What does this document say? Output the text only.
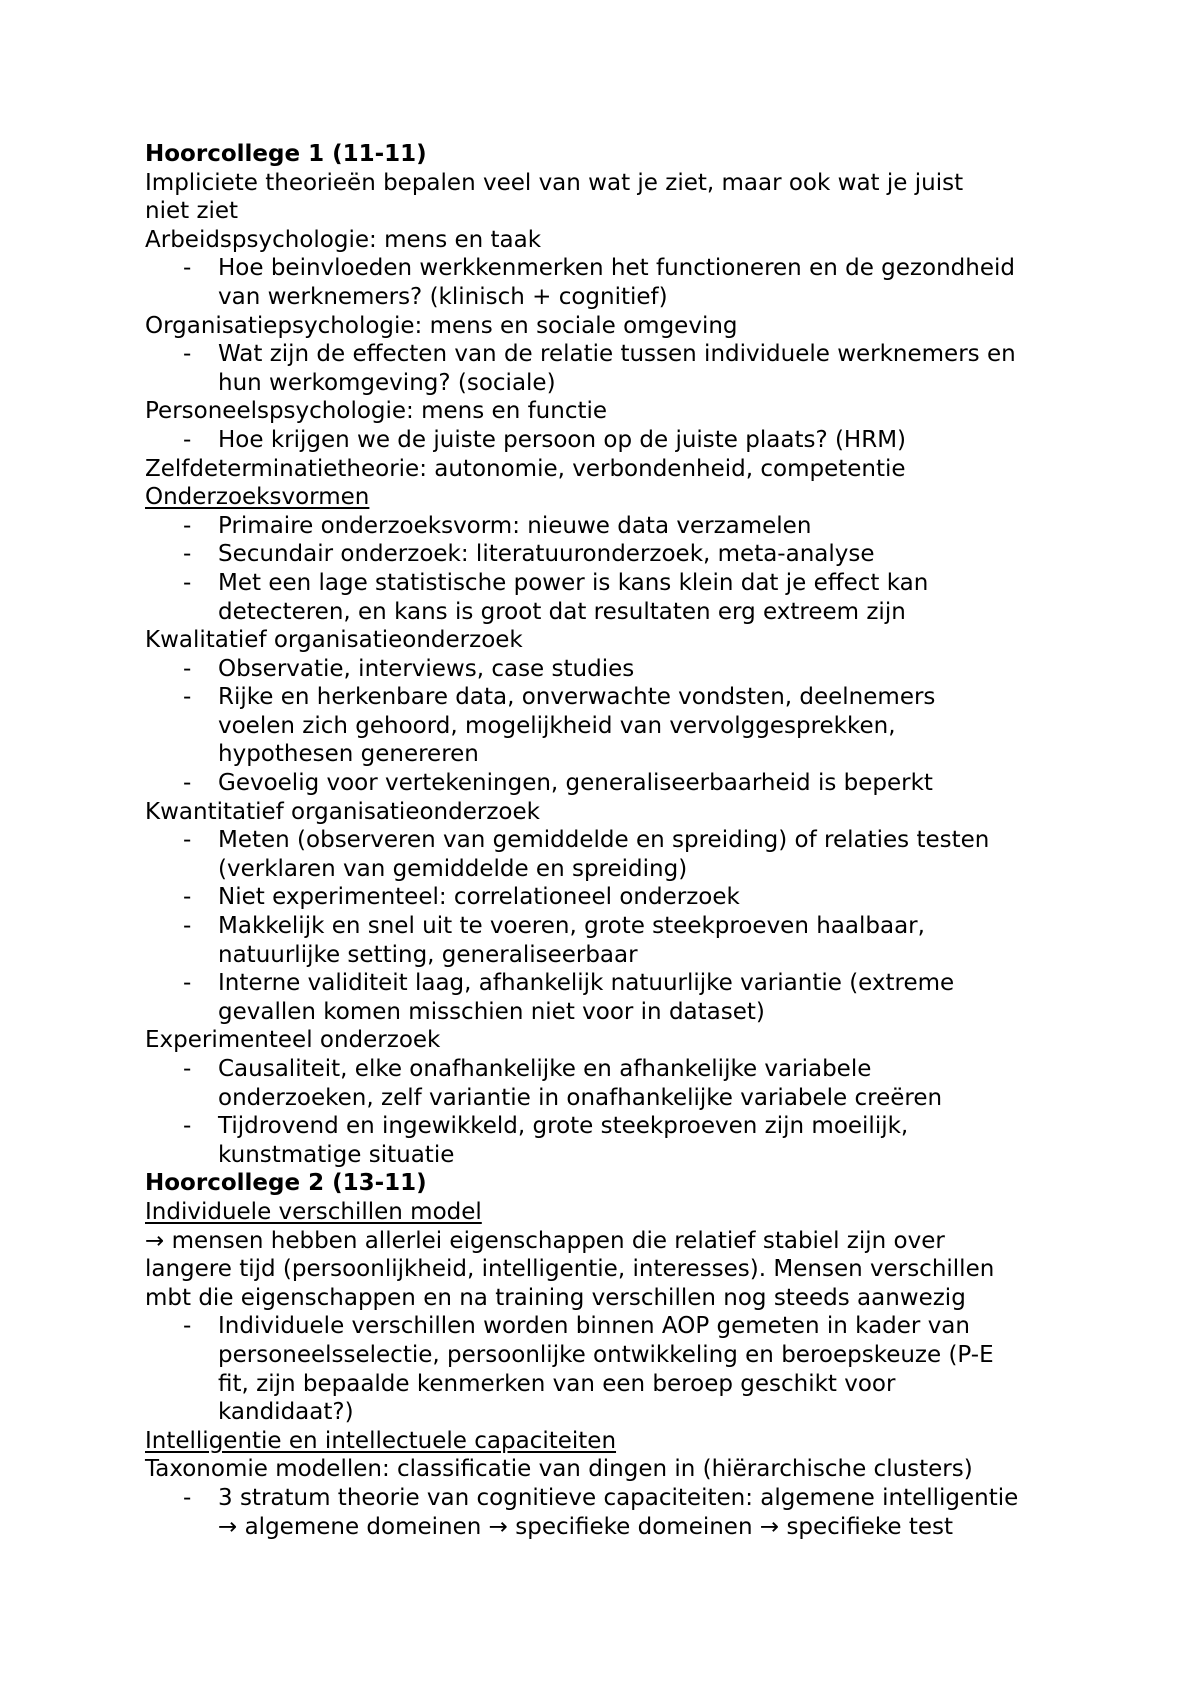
Hoorcollege 1 (11-11)
Impliciete theorieën bepalen veel van wat je ziet, maar ook wat je juist
niet ziet
Arbeidspsychologie: mens en taak
- Hoe beinvloeden werkkenmerken het functioneren en de gezondheid
van werknemers? (klinisch + cognitief)
Organisatiepsychologie: mens en sociale omgeving
- Wat zijn de effecten van de relatie tussen individuele werknemers en
hun werkomgeving? (sociale)
Personeelspsychologie: mens en functie
- Hoe krijgen we de juiste persoon op de juiste plaats? (HRM)
Zelfdeterminatietheorie: autonomie, verbondenheid, competentie
Onderzoeksvormen
- Primaire onderzoeksvorm: nieuwe data verzamelen
- Secundair onderzoek: literatuuronderzoek, meta-analyse
- Met een lage statistische power is kans klein dat je effect kan
detecteren, en kans is groot dat resultaten erg extreem zijn
Kwalitatief organisatieonderzoek
- Observatie, interviews, case studies
- Rijke en herkenbare data, onverwachte vondsten, deelnemers
voelen zich gehoord, mogelijkheid van vervolggesprekken,
hypothesen genereren
- Gevoelig voor vertekeningen, generaliseerbaarheid is beperkt
Kwantitatief organisatieonderzoek
- Meten (observeren van gemiddelde en spreiding) of relaties testen
(verklaren van gemiddelde en spreiding)
- Niet experimenteel: correlationeel onderzoek
- Makkelijk en snel uit te voeren, grote steekproeven haalbaar,
natuurlijke setting, generaliseerbaar
- Interne validiteit laag, afhankelijk natuurlijke variantie (extreme
gevallen komen misschien niet voor in dataset)
Experimenteel onderzoek
- Causaliteit, elke onafhankelijke en afhankelijke variabele
onderzoeken, zelf variantie in onafhankelijke variabele creëren
- Tijdrovend en ingewikkeld, grote steekproeven zijn moeilijk,
kunstmatige situatie
Hoorcollege 2 (13-11)
Individuele verschillen model
→ mensen hebben allerlei eigenschappen die relatief stabiel zijn over
langere tijd (persoonlijkheid, intelligentie, interesses). Mensen verschillen
mbt die eigenschappen en na training verschillen nog steeds aanwezig
- Individuele verschillen worden binnen AOP gemeten in kader van
personeelsselectie, persoonlijke ontwikkeling en beroepskeuze (P-E
fit, zijn bepaalde kenmerken van een beroep geschikt voor
kandidaat?)
Intelligentie en intellectuele capaciteiten
Taxonomie modellen: classificatie van dingen in (hiërarchische clusters)
- 3 stratum theorie van cognitieve capaciteiten: algemene intelligentie
→ algemene domeinen → specifieke domeinen → specifieke test
